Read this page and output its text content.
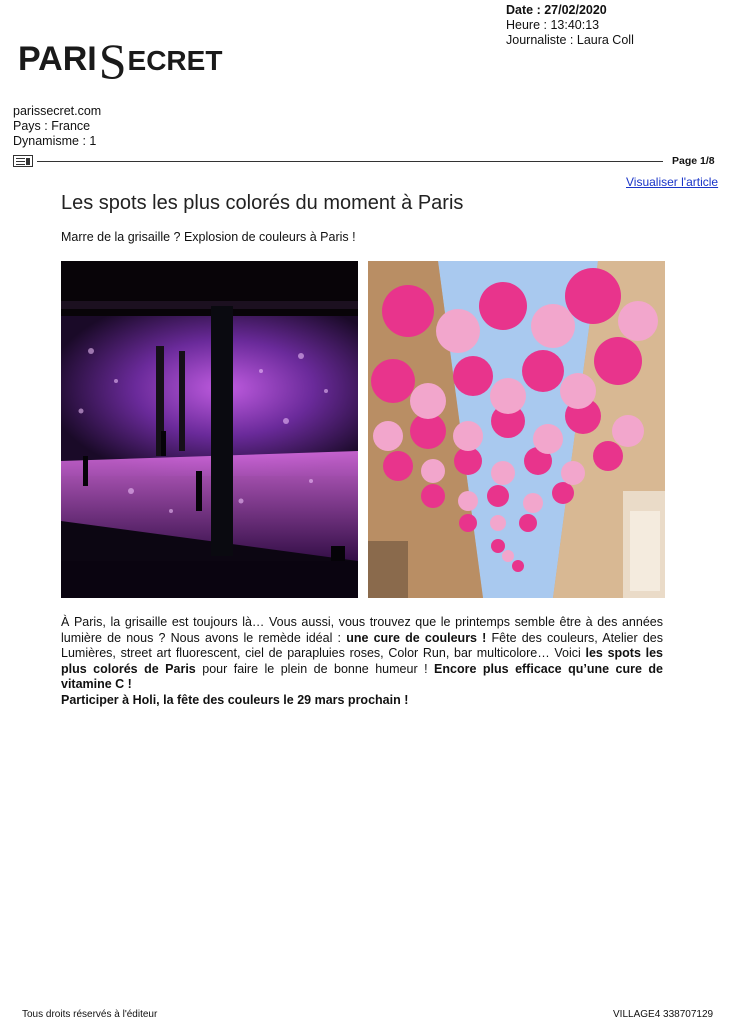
PARISECRET
Date : 27/02/2020
Heure : 13:40:13
Journaliste : Laura Coll
parissecret.com
Pays : France
Dynamisme : 1
Page 1/8
Visualiser l'article
Les spots les plus colorés du moment à Paris
Marre de la grisaille ? Explosion de couleurs à Paris !
À Paris, la grisaille est toujours là… Vous aussi, vous trouvez que le printemps semble être à des années lumière de nous ? Nous avons le remède idéal : une cure de couleurs ! Fête des couleurs, Atelier des Lumières, street art fluorescent, ciel de parapluies roses, Color Run, bar multicolore… Voici les spots les plus colorés de Paris pour faire le plein de bonne humeur ! Encore plus efficace qu’une cure de vitamine C !
Participer à Holi, la fête des couleurs le 29 mars prochain !
Tous droits réservés à l'éditeur	VILLAGE4 338707129
